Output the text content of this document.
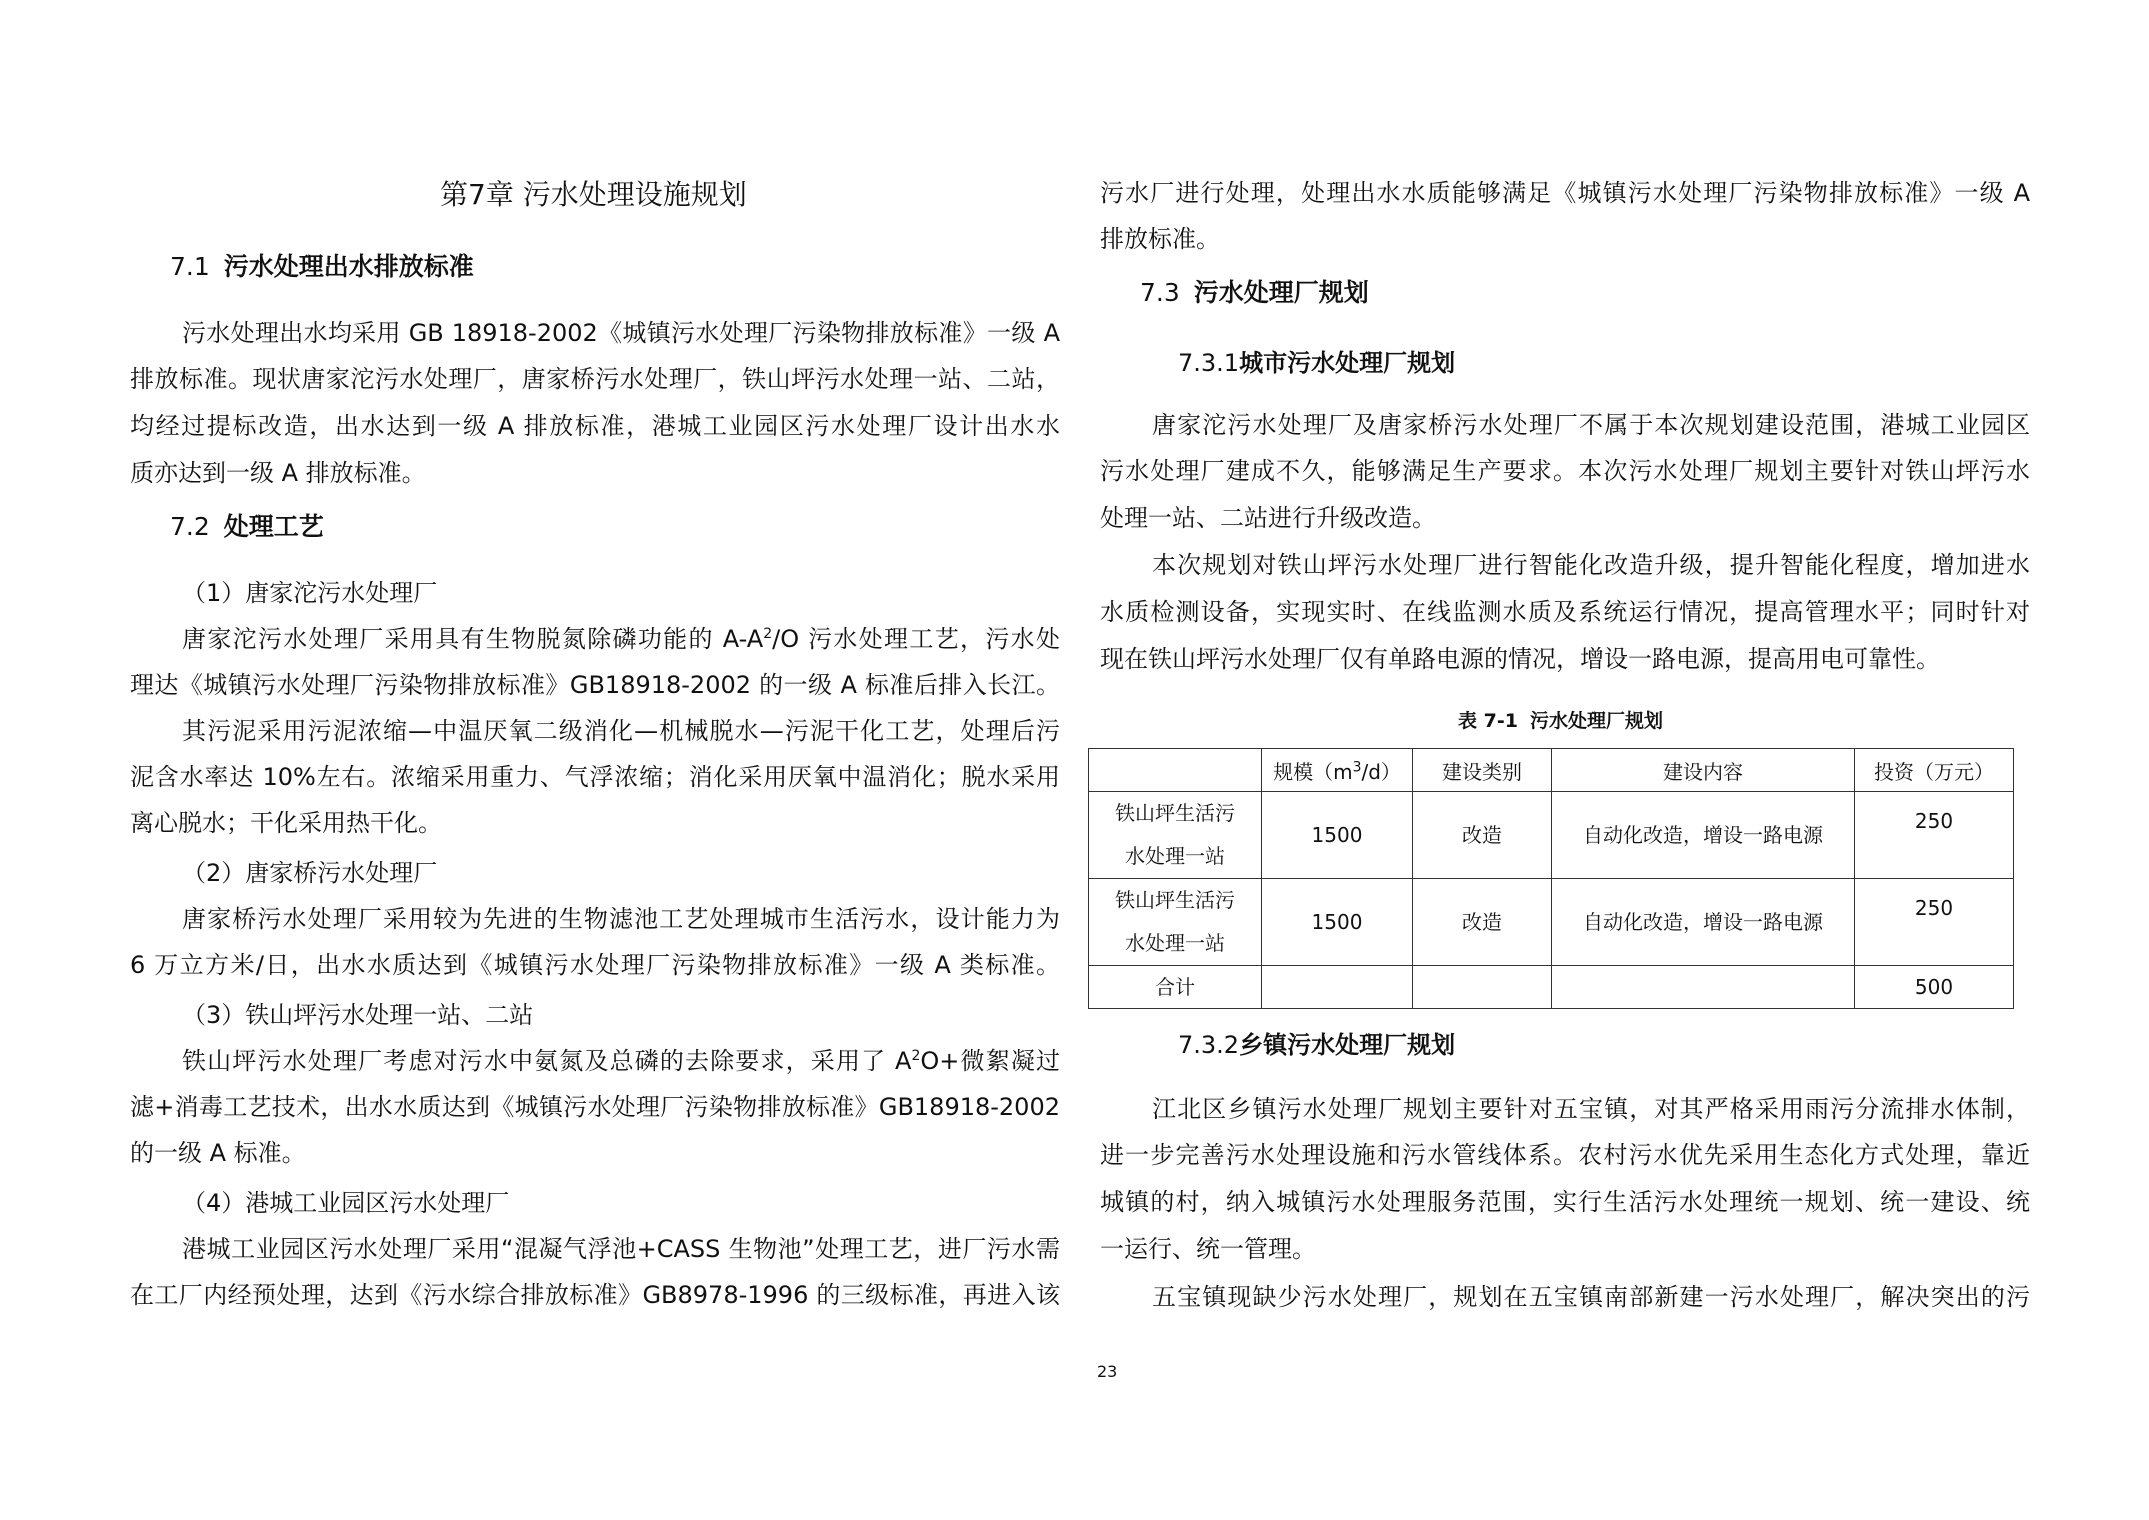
第7章 污水处理设施规划
7.1 污水处理出水排放标准
污水处理出水均采用 GB 18918-2002《城镇污水处理厂污染物排放标准》一级 A
排放标准。现状唐家沱污水处理厂，唐家桥污水处理厂，铁山坪污水处理一站、二站，
均经过提标改造，出水达到一级 A 排放标准，港城工业园区污水处理厂设计出水水
质亦达到一级 A 排放标准。
7.2 处理工艺
（1）唐家沱污水处理厂
唐家沱污水处理厂采用具有生物脱氮除磷功能的 $A-A^2/O$ 污水处理工艺，污水处
理达《城镇污水处理厂污染物排放标准》GB18918-2002 的一级 A 标准后排入长江。
其污泥采用污泥浓缩—中温厌氧二级消化—机械脱水—污泥干化工艺，处理后污
泥含水率达 10%左右。浓缩采用重力、气浮浓缩；消化采用厌氧中温消化；脱水采用
离心脱水；干化采用热干化。
（2）唐家桥污水处理厂
唐家桥污水处理厂采用较为先进的生物滤池工艺处理城市生活污水，设计能力为
6 万立方米/日，出水水质达到《城镇污水处理厂污染物排放标准》一级 A 类标准。
（3）铁山坪污水处理一站、二站
铁山坪污水处理厂考虑对污水中氨氮及总磷的去除要求，采用了 $A^2O+$微絮凝过
滤+消毒工艺技术，出水水质达到《城镇污水处理厂污染物排放标准》GB18918-2002
的一级 A 标准。
（4）港城工业园区污水处理厂
港城工业园区污水处理厂采用“混凝气浮池+CASS 生物池”处理工艺，进厂污水需
在工厂内经预处理，达到《污水综合排放标准》GB8978-1996 的三级标准，再进入该
污水厂进行处理，处理出水水质能够满足《城镇污水处理厂污染物排放标准》一级 A
排放标准。
7.3 污水处理厂规划
7.3.1城市污水处理厂规划
唐家沱污水处理厂及唐家桥污水处理厂不属于本次规划建设范围，港城工业园区
污水处理厂建成不久，能够满足生产要求。本次污水处理厂规划主要针对铁山坪污水
处理一站、二站进行升级改造。
本次规划对铁山坪污水处理厂进行智能化改造升级，提升智能化程度，增加进水
水质检测设备，实现实时、在线监测水质及系统运行情况，提高管理水平；同时针对
现在铁山坪污水处理厂仅有单路电源的情况，增设一路电源，提高用电可靠性。
表 7-1 污水处理厂规划
	规模$(m^3/d)$	建设类别	建设内容	投资（万元）
铁山坪生活污
水处理一站	1500	改造	自动化改造，增设一路电源	250
铁山坪生活污
水处理一站	1500	改造	自动化改造，增设一路电源	250
合计				500
7.3.2乡镇污水处理厂规划
江北区乡镇污水处理厂规划主要针对五宝镇，对其严格采用雨污分流排水体制，
进一步完善污水处理设施和污水管线体系。农村污水优先采用生态化方式处理，靠近
城镇的村，纳入城镇污水处理服务范围，实行生活污水处理统一规划、统一建设、统
一运行、统一管理。
五宝镇现缺少污水处理厂，规划在五宝镇南部新建一污水处理厂，解决突出的污
23
